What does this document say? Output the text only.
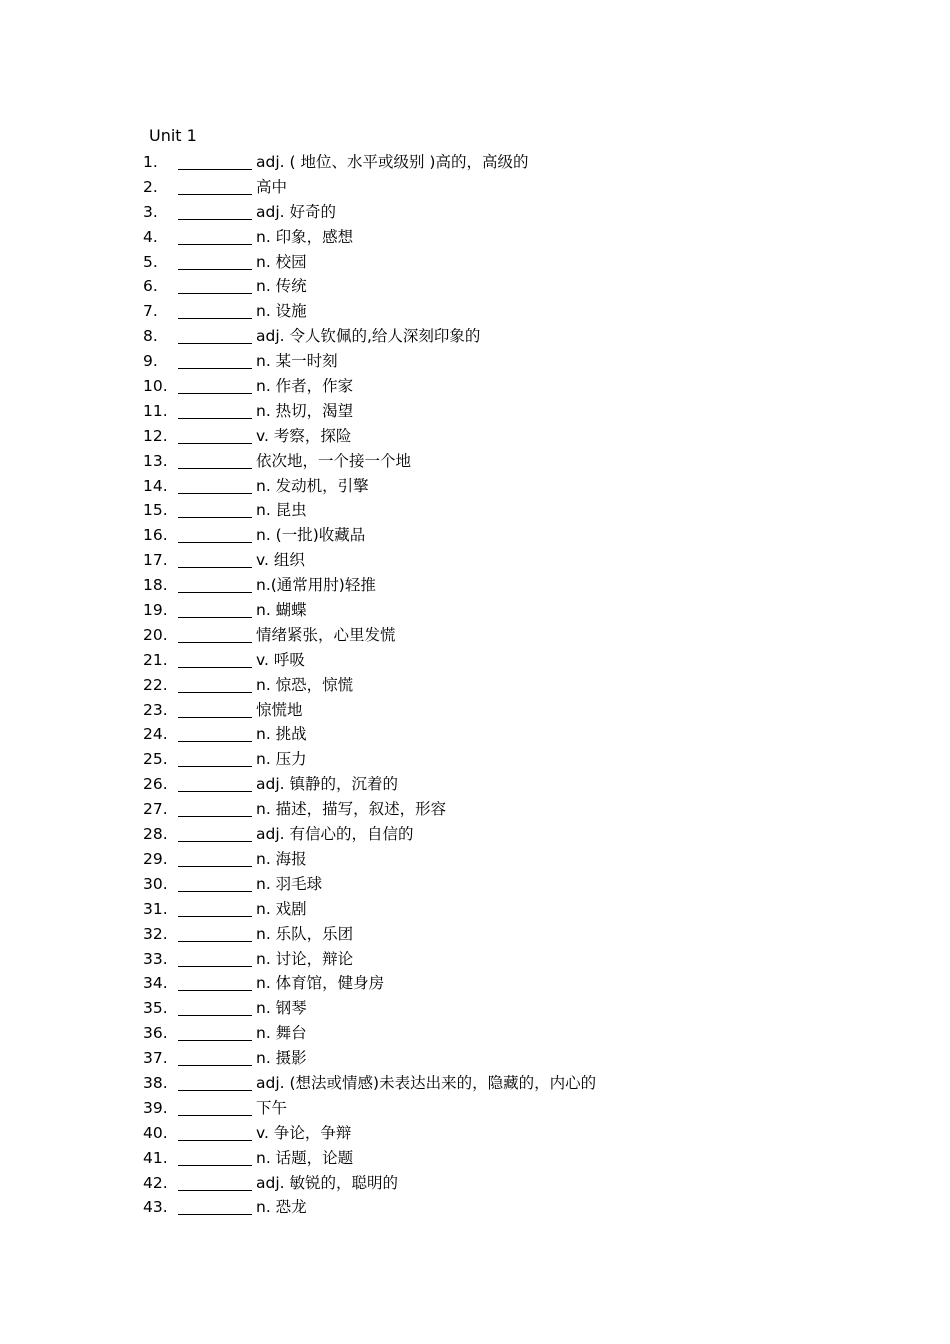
Unit 1
1.	adj. ( 地位、水平或级别 )高的，高级的
2.	高中
3.	adj. 好奇的
4.	n. 印象，感想
5.	n. 校园
6.	n. 传统
7.	n. 设施
8.	adj. 令人钦佩的,给人深刻印象的
9.	n. 某一时刻
10.	n. 作者，作家
11.	n. 热切，渴望
12.	v. 考察，探险
13.	依次地，一个接一个地
14.	n. 发动机，引擎
15.	n. 昆虫
16.	n. (一批)收藏品
17.	v. 组织
18.	n.(通常用肘)轻推
19.	n. 蝴蝶
20.	情绪紧张，心里发慌
21.	v. 呼吸
22.	n. 惊恐，惊慌
23.	惊慌地
24.	n. 挑战
25.	n. 压力
26.	adj. 镇静的，沉着的
27.	n. 描述，描写，叙述，形容
28.	adj. 有信心的，自信的
29.	n. 海报
30.	n. 羽毛球
31.	n. 戏剧
32.	n. 乐队，乐团
33.	n. 讨论，辩论
34.	n. 体育馆，健身房
35.	n. 钢琴
36.	n. 舞台
37.	n. 摄影
38.	adj. (想法或情感)未表达出来的，隐藏的，内心的
39.	下午
40.	v. 争论，争辩
41.	n. 话题，论题
42.	adj. 敏锐的，聪明的
43.	n. 恐龙
